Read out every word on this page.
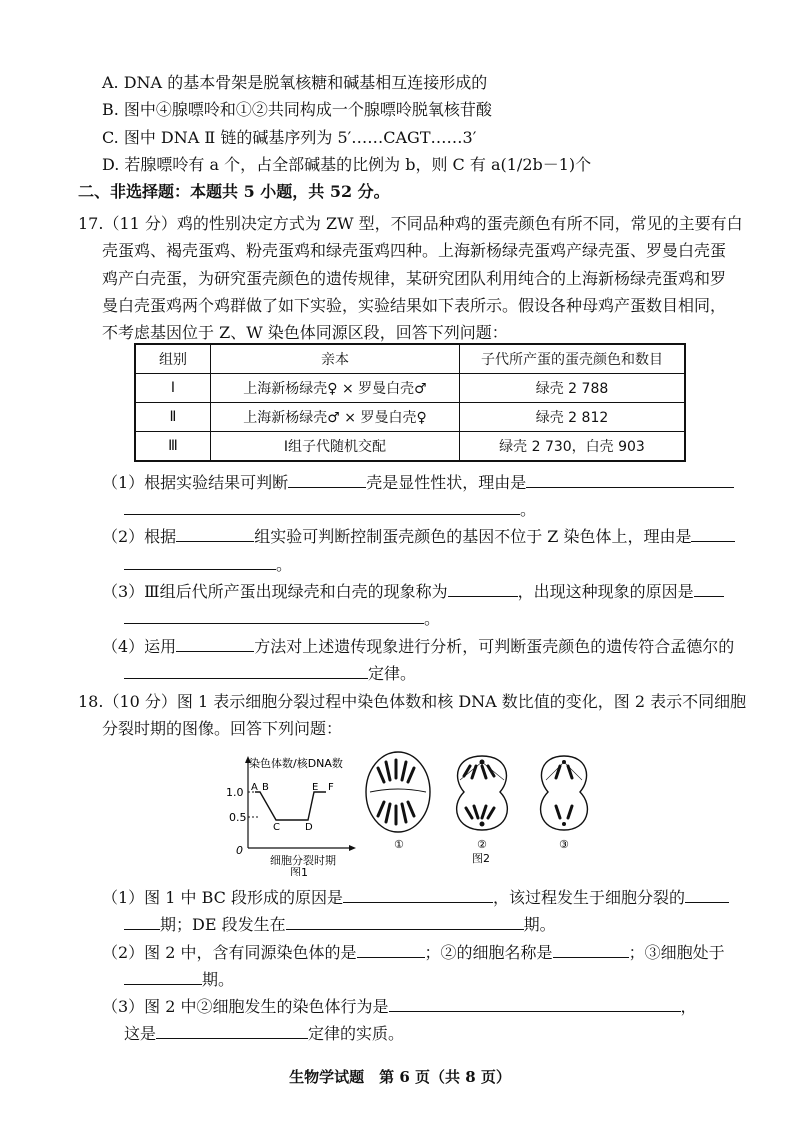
A. DNA 的基本骨架是脱氧核糖和碱基相互连接形成的
B. 图中④腺嘌呤和①②共同构成一个腺嘌呤脱氧核苷酸
C. 图中 DNA Ⅱ 链的碱基序列为 5′……CAGT……3′
D. 若腺嘌呤有 a 个，占全部碱基的比例为 b，则 C 有 a(1/2b－1)个
二、非选择题：本题共 5 小题，共 52 分。
17.（11 分）鸡的性别决定方式为 ZW 型，不同品种鸡的蛋壳颜色有所不同，常见的主要有白
壳蛋鸡、褐壳蛋鸡、粉壳蛋鸡和绿壳蛋鸡四种。上海新杨绿壳蛋鸡产绿壳蛋、罗曼白壳蛋
鸡产白壳蛋，为研究蛋壳颜色的遗传规律，某研究团队利用纯合的上海新杨绿壳蛋鸡和罗
曼白壳蛋鸡两个鸡群做了如下实验，实验结果如下表所示。假设各种母鸡产蛋数目相同，
不考虑基因位于 Z、W 染色体同源区段，回答下列问题：
组别	亲本	子代所产蛋的蛋壳颜色和数目
Ⅰ	上海新杨绿壳♀ × 罗曼白壳♂	绿壳 2 788
Ⅱ	上海新杨绿壳♂ × 罗曼白壳♀	绿壳 2 812
Ⅲ	Ⅰ组子代随机交配	绿壳 2 730，白壳 903
（1）根据实验结果可判断	壳是显性性状，理由是
。
（2）根据	组实验可判断控制蛋壳颜色的基因不位于 Z 染色体上，理由是
。
（3）Ⅲ组后代所产蛋出现绿壳和白壳的现象称为	，出现这种现象的原因是
。
（4）运用	方法对上述遗传现象进行分析，可判断蛋壳颜色的遗传符合孟德尔的
定律。
18.（10 分）图 1 表示细胞分裂过程中染色体数和核 DNA 数比值的变化，图 2 表示不同细胞
分裂时期的图像。回答下列问题：
染色体数/核DNA数
1.0
0.5
0
A B
C	D
E F
细胞分裂时期
图1
①	②	③
图2
（1）图 1 中 BC 段形成的原因是	，该过程发生于细胞分裂的
期；DE 段发生在	期。
（2）图 2 中，含有同源染色体的是	；②的细胞名称是	；③细胞处于
期。
（3）图 2 中②细胞发生的染色体行为是	，
这是	定律的实质。
生物学试题　第 6 页（共 8 页）
